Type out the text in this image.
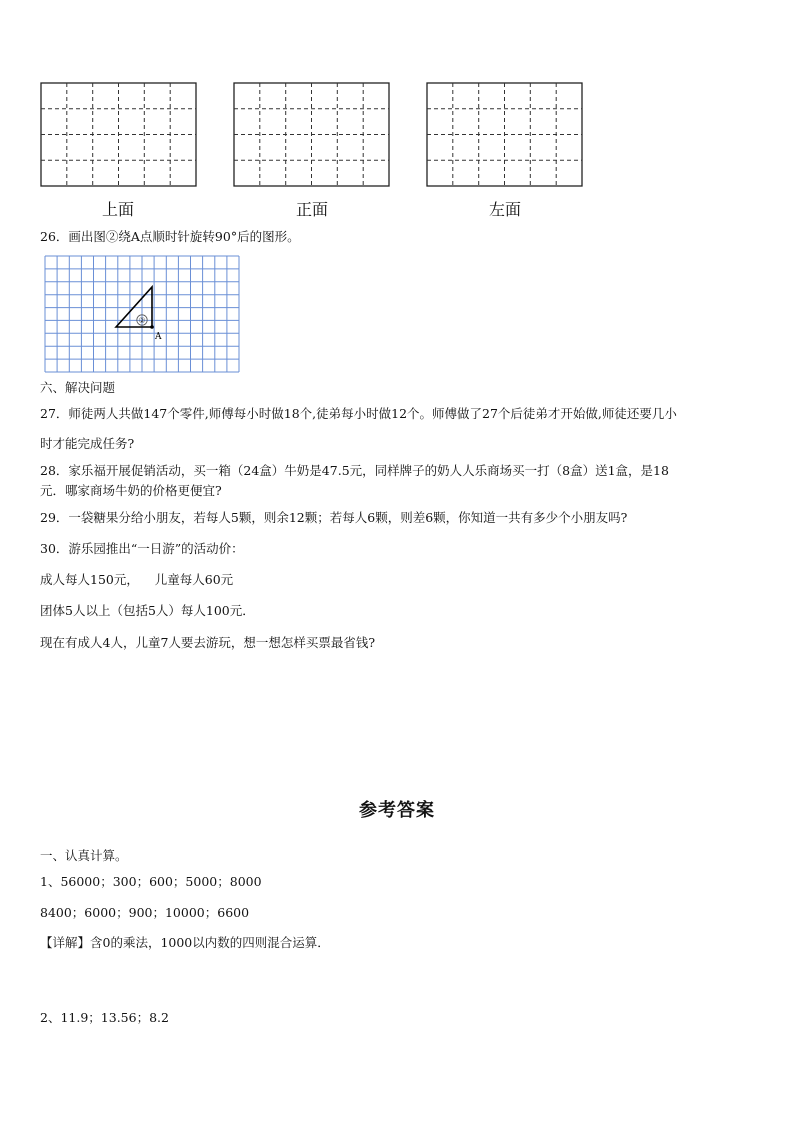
上面	正面	左面
26．画出图②绕A点顺时针旋转90°后的图形。
②
A
六、解决问题
27．师徒两人共做147个零件,师傅每小时做18个,徒弟每小时做12个。师傅做了27个后徒弟才开始做,师徒还要几小
时才能完成任务?
28．家乐福开展促销活动，买一箱（24盒）牛奶是47.5元，同样牌子的奶人人乐商场买一打（8盒）送1盒，是18
元．哪家商场牛奶的价格更便宜?
29．一袋糖果分给小朋友，若每人5颗，则余12颗；若每人6颗，则差6颗，你知道一共有多少个小朋友吗?
30．游乐园推出“一日游”的活动价：
成人每人150元，    儿童每人60元
团体5人以上（包括5人）每人100元．
现在有成人4人，儿童7人要去游玩，想一想怎样买票最省钱?
参考答案
一、认真计算。
1、56000；300；600；5000；8000
8400；6000；900；10000；6600
【详解】含0的乘法，1000以内数的四则混合运算．
2、11.9；13.56；8.2
